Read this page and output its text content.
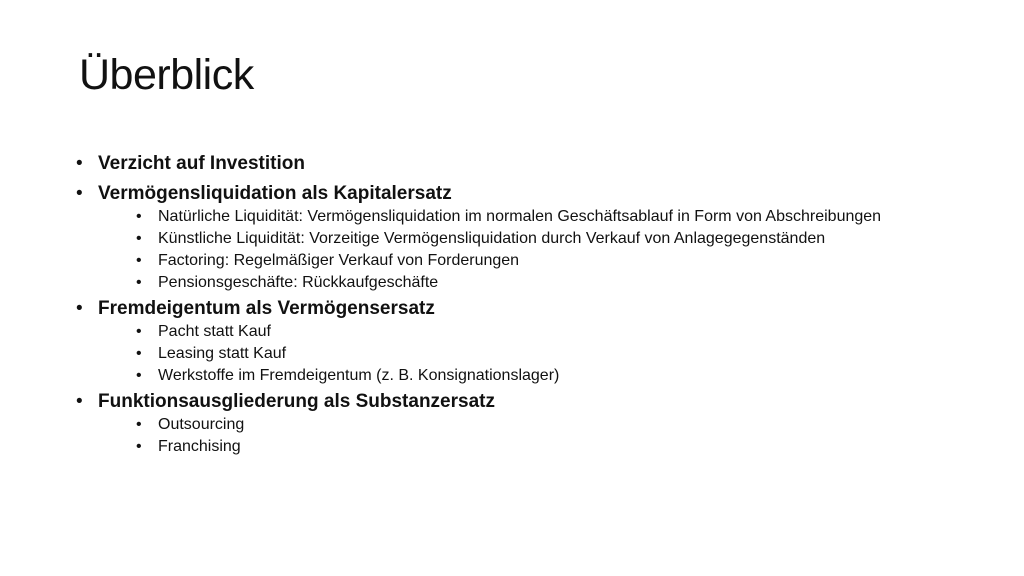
Überblick
• Verzicht auf Investition
• Vermögensliquidation als Kapitalersatz
• Natürliche Liquidität: Vermögensliquidation im normalen Geschäftsablauf in Form von Abschreibungen
• Künstliche Liquidität: Vorzeitige Vermögensliquidation durch Verkauf von Anlagegegenständen
• Factoring: Regelmäßiger Verkauf von Forderungen
• Pensionsgeschäfte: Rückkaufgeschäfte
• Fremdeigentum als Vermögensersatz
• Pacht statt Kauf
• Leasing statt Kauf
• Werkstoffe im Fremdeigentum (z. B. Konsignationslager)
• Funktionsausgliederung als Substanzersatz
• Outsourcing
• Franchising
